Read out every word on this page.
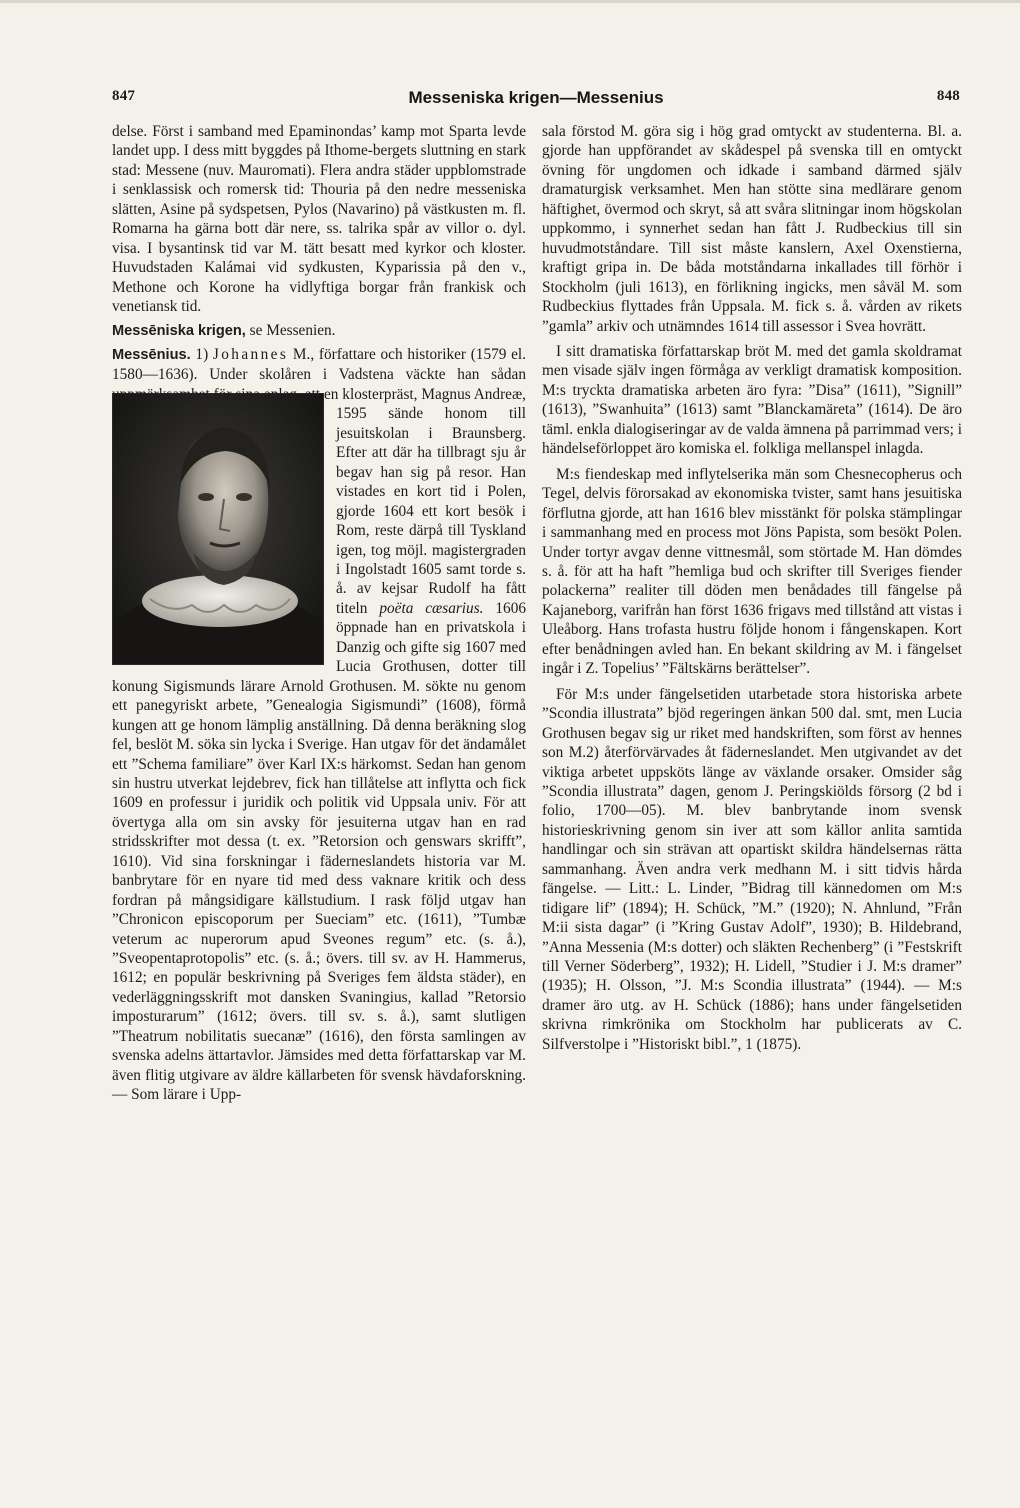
847	Messeniska krigen—Messenius	848

delse. Först i samband med Epaminondas’ kamp mot Sparta levde landet upp. I dess mitt byggdes på Ithome-bergets sluttning en stark stad: Messene (nuv. Mauromati). Flera andra städer uppblomstrade i senklassisk och romersk tid: Thouria på den nedre messeniska slätten, Asine på sydspetsen, Pylos (Navarino) på västkusten m. fl. Romarna ha gärna bott där nere, ss. talrika spår av villor o. dyl. visa. I bysantinsk tid var M. tätt besatt med kyrkor och kloster. Huvudstaden Kalámai vid sydkusten, Kyparissia på den v., Methone och Korone ha vidlyftiga borgar från frankisk och venetiansk tid.

Messēniska krigen, se Messenien.

Messēnius. 1) Johannes M., författare och historiker (1579 el. 1580—1636). Under skolåren i Vadstena väckte han sådan uppmärksamhet för
sina anlag, att en klosterpräst, Magnus Andreæ, 1595 sände honom till jesuitskolan i Braunsberg. Efter att där ha tillbragt sju år begav han sig på resor. Han vistades en kort tid i Polen, gjorde 1604 ett kort besök i Rom, reste därpå till Tyskland igen, tog möjl. magistergraden i Ingolstadt 1605 samt torde s. å. av kejsar Rudolf ha fått titeln poëta cæsarius. 1606 öppnade han en privatskola i Danzig och gifte sig 1607 med Lucia Grothusen, dotter till konung Sigismunds lärare Arnold Grothusen. M. sökte nu genom ett panegyriskt arbete, ”Genealogia Sigismundi” (1608), förmå kungen att ge honom lämplig anställning. Då denna beräkning slog fel, beslöt M. söka sin lycka i Sverige. Han utgav för det ändamålet ett ”Schema familiare” över Karl IX:s härkomst. Sedan han genom sin hustru utverkat lejdebrev, fick han tillåtelse att inflytta och fick 1609 en professur i juridik och politik vid Uppsala univ. För att övertyga alla om sin avsky för jesuiterna utgav han en rad stridsskrifter mot dessa (t. ex. ”Retorsion och genswars skrifft”, 1610). Vid sina forskningar i fäderneslandets historia var M. banbrytare för en nyare tid med dess vaknare kritik och dess fordran på mångsidigare källstudium. I rask följd utgav han ”Chronicon episcoporum per Sueciam” etc. (1611), ”Tumbæ veterum ac nuperorum apud Sveones regum” etc. (s. å.), ”Sveopentaprotopolis” etc. (s. å.; övers. till sv. av H. Hammerus, 1612; en populär beskrivning på Sveriges fem äldsta städer), en vederläggningsskrift mot dansken Svaningius, kallad ”Retorsio imposturarum” (1612; övers. till sv. s. å.), samt slutligen ”Theatrum nobilitatis suecanæ” (1616), den första samlingen av svenska adelns ättartavlor. Jämsides med detta författarskap var M. även flitig utgivare av äldre källarbeten för svensk hävdaforskning. — Som lärare i Upp-

sala förstod M. göra sig i hög grad omtyckt av studenterna. Bl. a. gjorde han uppförandet av skådespel på svenska till en omtyckt övning för ungdomen och idkade i samband därmed själv dramaturgisk verksamhet. Men han stötte sina medlärare genom häftighet, övermod och skryt, så att svåra slitningar inom högskolan uppkommo, i synnerhet sedan han fått J. Rudbeckius till sin huvudmotståndare. Till sist måste kanslern, Axel Oxenstierna, kraftigt gripa in. De båda motståndarna inkallades till förhör i Stockholm (juli 1613), en förlikning ingicks, men såväl M. som Rudbeckius flyttades från Uppsala. M. fick s. å. vården av rikets ”gamla” arkiv och utnämndes 1614 till assessor i Svea hovrätt.

I sitt dramatiska författarskap bröt M. med det gamla skoldramat men visade själv ingen förmåga av verkligt dramatisk komposition. M:s tryckta dramatiska arbeten äro fyra: ”Disa” (1611), ”Signill” (1613), ”Swanhuita” (1613) samt ”Blanckamäreta” (1614). De äro täml. enkla dialogiseringar av de valda ämnena på parrimmad vers; i händelseförloppet äro komiska el. folkliga mellanspel inlagda.

M:s fiendeskap med inflytelserika män som Chesnecopherus och Tegel, delvis förorsakad av ekonomiska tvister, samt hans jesuitiska förflutna gjorde, att han 1616 blev misstänkt för polska stämplingar i sammanhang med en process mot Jöns Papista, som besökt Polen. Under tortyr avgav denne vittnesmål, som störtade M. Han dömdes s. å. för att ha haft ”hemliga bud och skrifter till Sveriges fiender polackerna” realiter till döden men benådades till fängelse på Kajaneborg, varifrån han först 1636 frigavs med tillstånd att vistas i Uleåborg. Hans trofasta hustru följde honom i fångenskapen. Kort efter benådningen avled han. En bekant skildring av M. i fängelset ingår i Z. Topelius’ ”Fältskärns berättelser”.

För M:s under fängelsetiden utarbetade stora historiska arbete ”Scondia illustrata” bjöd regeringen änkan 500 dal. smt, men Lucia Grothusen begav sig ur riket med handskriften, som först av hennes son M.2) återförvärvades åt fäderneslandet. Men utgivandet av det viktiga arbetet uppsköts länge av växlande orsaker. Omsider såg ”Scondia illustrata” dagen, genom J. Peringskiölds försorg (2 bd i folio, 1700—05). M. blev banbrytande inom svensk historieskrivning genom sin iver att som källor anlita samtida handlingar och sin strävan att opartiskt skildra händelsernas rätta sammanhang. Även andra verk medhann M. i sitt tidvis hårda fängelse. — Litt.: L. Linder, ”Bidrag till kännedomen om M:s tidigare lif” (1894); H. Schück, ”M.” (1920); N. Ahnlund, ”Från M:ii sista dagar” (i ”Kring Gustav Adolf”, 1930); B. Hildebrand, ”Anna Messenia (M:s dotter) och släkten Rechenberg” (i ”Festskrift till Verner Söderberg”, 1932); H. Lidell, ”Studier i J. M:s dramer” (1935); H. Olsson, ”J. M:s Scondia illustrata” (1944). — M:s dramer äro utg. av H. Schück (1886); hans under fängelsetiden skrivna rimkrönika om Stockholm har publicerats av C. Silfverstolpe i ”Historiskt bibl.”, 1 (1875).
